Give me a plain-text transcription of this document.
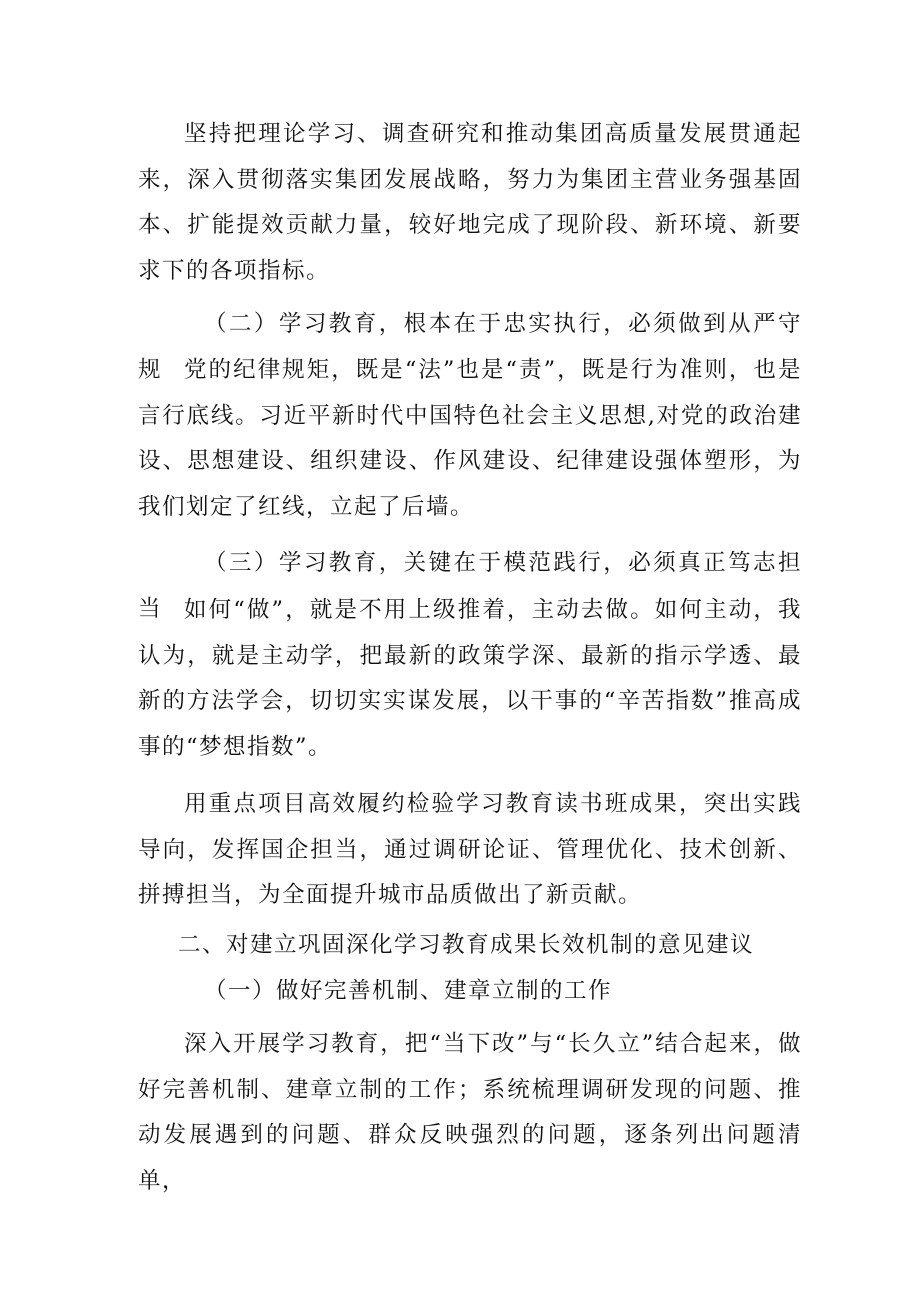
坚持把理论学习、调查研究和推动集团高质量发展贯通起来，深入贯彻落实集团发展战略，努力为集团主营业务强基固本、扩能提效贡献力量，较好地完成了现阶段、新环境、新要求下的各项指标。

（二）学习教育，根本在于忠实执行，必须做到从严守规 党的纪律规矩，既是“法”也是“责”，既是行为准则，也是言行底线。习近平新时代中国特色社会主义思想,对党的政治建设、思想建设、组织建设、作风建设、纪律建设强体塑形，为我们划定了红线，立起了后墙。

（三）学习教育，关键在于模范践行，必须真正笃志担当 如何“做”，就是不用上级推着，主动去做。如何主动，我认为，就是主动学，把最新的政策学深、最新的指示学透、最新的方法学会，切切实实谋发展，以干事的“辛苦指数”推高成事的“梦想指数”。

用重点项目高效履约检验学习教育读书班成果，突出实践导向，发挥国企担当，通过调研论证、管理优化、技术创新、拼搏担当，为全面提升城市品质做出了新贡献。

二、对建立巩固深化学习教育成果长效机制的意见建议

（一）做好完善机制、建章立制的工作

深入开展学习教育，把“当下改”与“长久立”结合起来，做好完善机制、建章立制的工作；系统梳理调研发现的问题、推动发展遇到的问题、群众反映强烈的问题，逐条列出问题清单，
